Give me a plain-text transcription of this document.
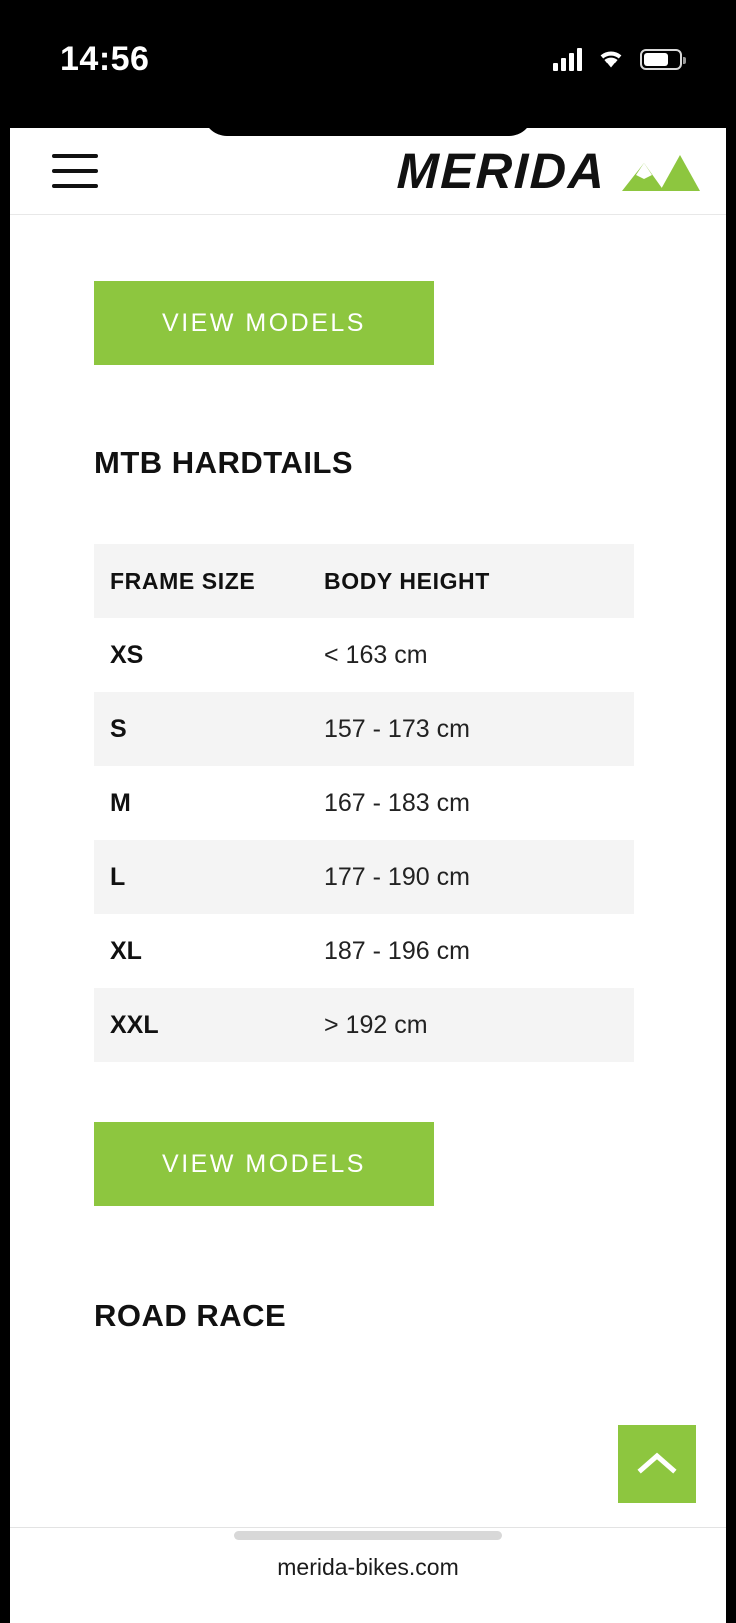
14:56
MERIDA
VIEW MODELS
MTB HARDTAILS
FRAME SIZE	BODY HEIGHT
XS	< 163 cm
S	157 - 173 cm
M	167 - 183 cm
L	177 - 190 cm
XL	187 - 196 cm
XXL	> 192 cm
VIEW MODELS
ROAD RACE
merida-bikes.com
